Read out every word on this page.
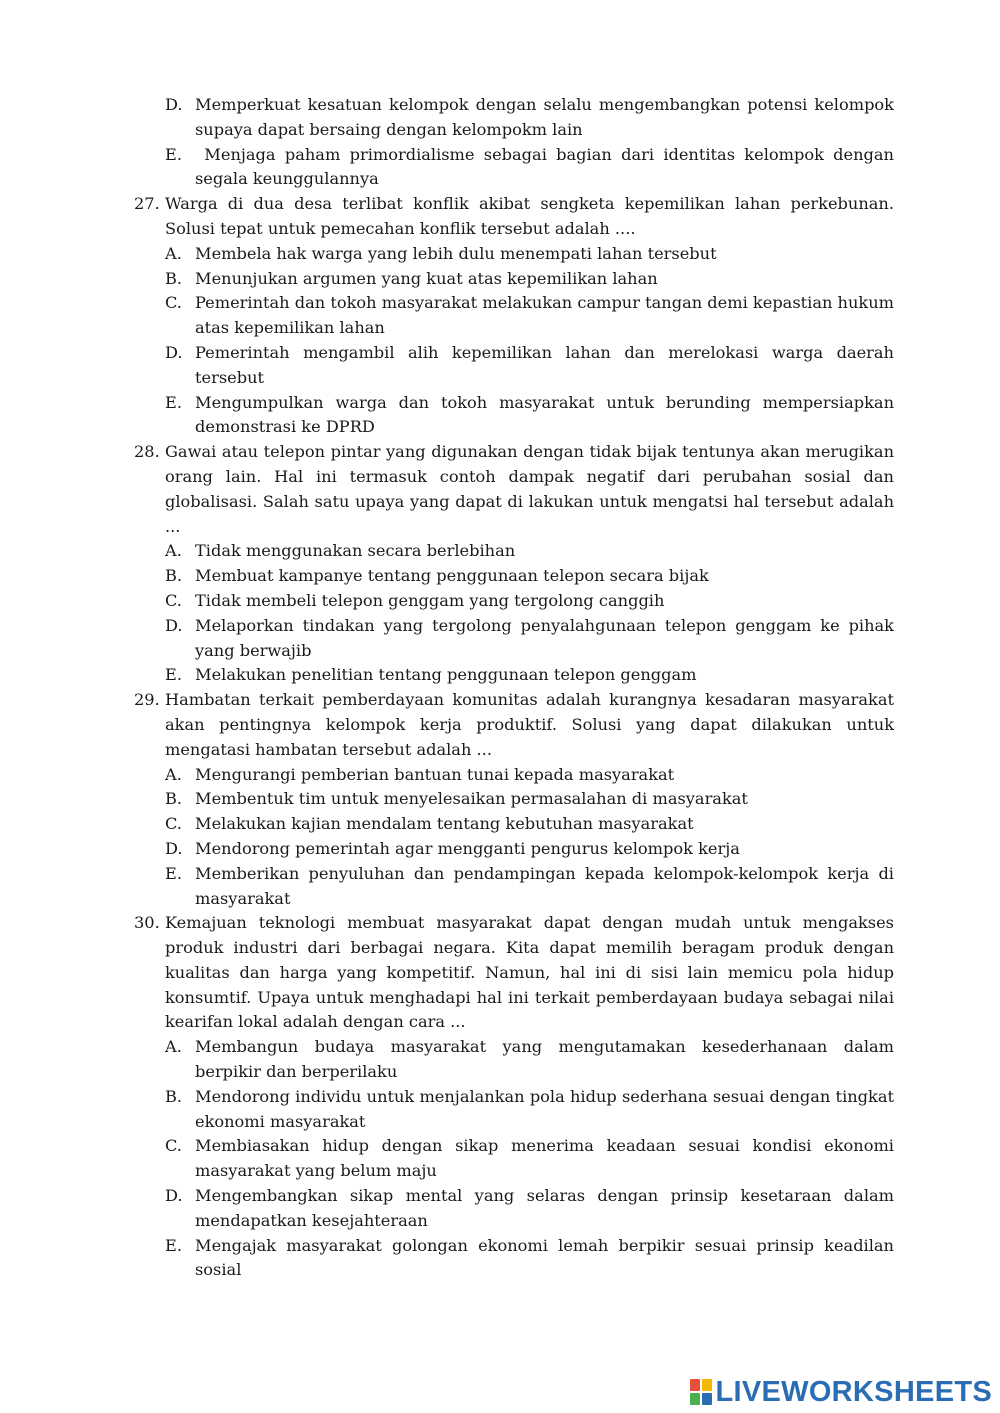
D. Memperkuat kesatuan kelompok dengan selalu mengembangkan potensi kelompok supaya dapat bersaing dengan kelompokm lain
E. Menjaga paham primordialisme sebagai bagian dari identitas kelompok dengan segala keunggulannya
27. Warga di dua desa terlibat konflik akibat sengketa kepemilikan lahan perkebunan. Solusi tepat untuk pemecahan konflik tersebut adalah ....
A. Membela hak warga yang lebih dulu menempati lahan tersebut
B. Menunjukan argumen yang kuat atas kepemilikan lahan
C. Pemerintah dan tokoh masyarakat melakukan campur tangan demi kepastian hukum atas kepemilikan lahan
D. Pemerintah mengambil alih kepemilikan lahan dan merelokasi warga daerah tersebut
E. Mengumpulkan warga dan tokoh masyarakat untuk berunding mempersiapkan demonstrasi ke DPRD
28. Gawai atau telepon pintar yang digunakan dengan tidak bijak tentunya akan merugikan orang lain. Hal ini termasuk contoh dampak negatif dari perubahan sosial dan globalisasi. Salah satu upaya yang dapat di lakukan untuk mengatsi hal tersebut adalah ...
A. Tidak menggunakan secara berlebihan
B. Membuat kampanye tentang penggunaan telepon secara bijak
C. Tidak membeli telepon genggam yang tergolong canggih
D. Melaporkan tindakan yang tergolong penyalahgunaan telepon genggam ke pihak yang berwajib
E. Melakukan penelitian tentang penggunaan telepon genggam
29. Hambatan terkait pemberdayaan komunitas adalah kurangnya kesadaran masyarakat akan pentingnya kelompok kerja produktif. Solusi yang dapat dilakukan untuk mengatasi hambatan tersebut adalah ...
A. Mengurangi pemberian bantuan tunai kepada masyarakat
B. Membentuk tim untuk menyelesaikan permasalahan di masyarakat
C. Melakukan kajian mendalam tentang kebutuhan masyarakat
D. Mendorong pemerintah agar mengganti pengurus kelompok kerja
E. Memberikan penyuluhan dan pendampingan kepada kelompok-kelompok kerja di masyarakat
30. Kemajuan teknologi membuat masyarakat dapat dengan mudah untuk mengakses produk industri dari berbagai negara. Kita dapat memilih beragam produk dengan kualitas dan harga yang kompetitif. Namun, hal ini di sisi lain memicu pola hidup konsumtif. Upaya untuk menghadapi hal ini terkait pemberdayaan budaya sebagai nilai kearifan lokal adalah dengan cara ...
A. Membangun budaya masyarakat yang mengutamakan kesederhanaan dalam berpikir dan berperilaku
B. Mendorong individu untuk menjalankan pola hidup sederhana sesuai dengan tingkat ekonomi masyarakat
C. Membiasakan hidup dengan sikap menerima keadaan sesuai kondisi ekonomi masyarakat yang belum maju
D. Mengembangkan sikap mental yang selaras dengan prinsip kesetaraan dalam mendapatkan kesejahteraan
E. Mengajak masyarakat golongan ekonomi lemah berpikir sesuai prinsip keadilan sosial
LIVEWORKSHEETS
